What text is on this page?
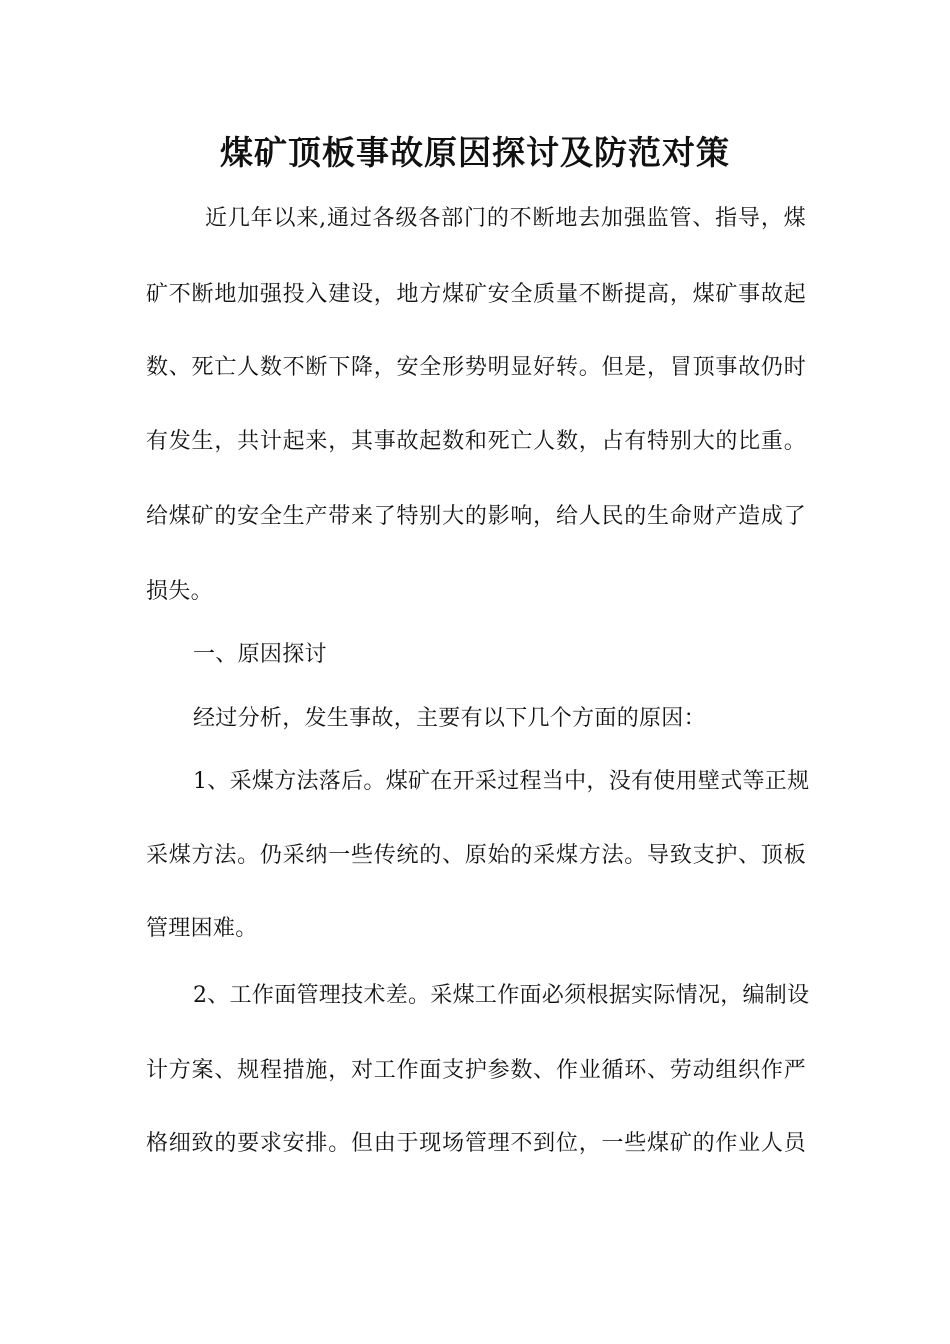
煤矿顶板事故原因探讨及防范对策
近几年以来,通过各级各部门的不断地去加强监管、指导，煤
矿不断地加强投入建设，地方煤矿安全质量不断提高，煤矿事故起
数、死亡人数不断下降，安全形势明显好转。但是，冒顶事故仍时
有发生，共计起来，其事故起数和死亡人数，占有特别大的比重。
给煤矿的安全生产带来了特别大的影响，给人民的生命财产造成了
损失。
一、原因探讨
经过分析，发生事故，主要有以下几个方面的原因：
1、采煤方法落后。煤矿在开采过程当中，没有使用壁式等正规
采煤方法。仍采纳一些传统的、原始的采煤方法。导致支护、顶板
管理困难。
2、工作面管理技术差。采煤工作面必须根据实际情况，编制设
计方案、规程措施，对工作面支护参数、作业循环、劳动组织作严
格细致的要求安排。但由于现场管理不到位，一些煤矿的作业人员
